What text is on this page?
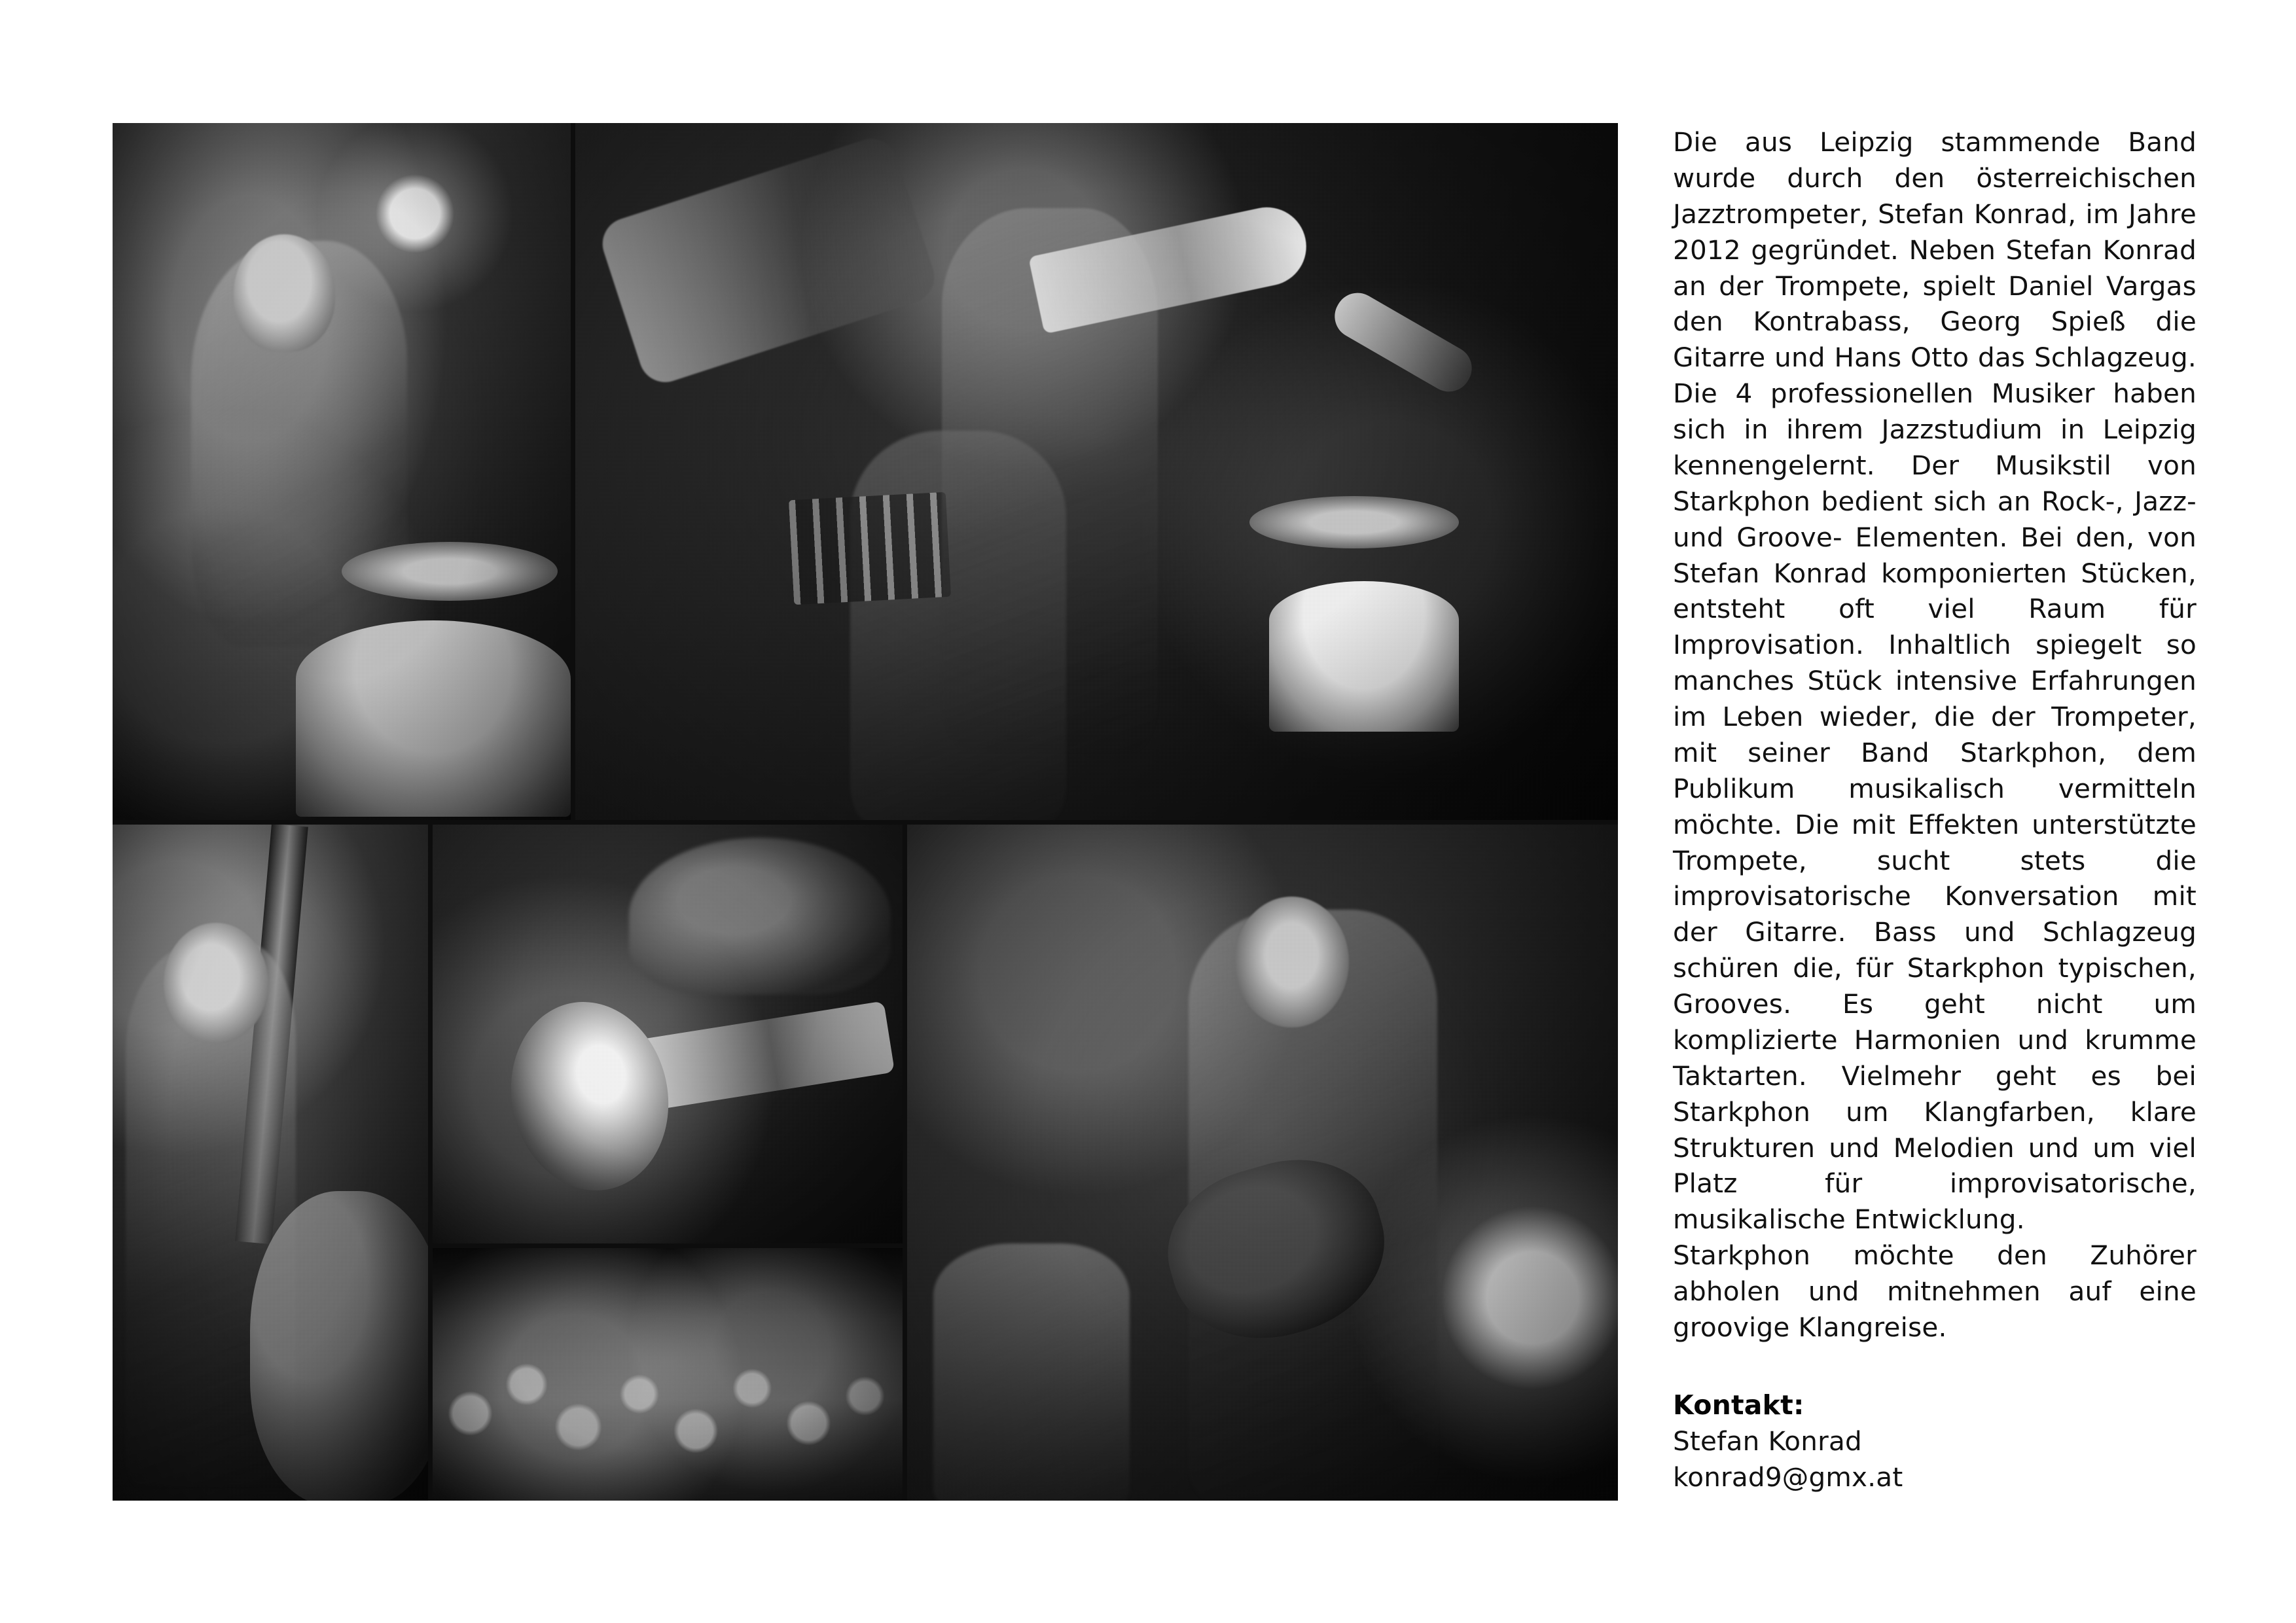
Die aus Leipzig stammende Band wurde durch den österreichischen Jazztrompeter, Stefan Konrad, im Jahre 2012 gegründet. Neben Stefan Konrad an der Trompete, spielt Daniel Vargas den Kontrabass, Georg Spieß die Gitarre und Hans Otto das Schlagzeug. Die 4 professionellen Musiker haben sich in ihrem Jazzstudium in Leipzig kennengelernt. Der Musikstil von Starkphon bedient sich an Rock-, Jazz- und Groove- Elementen. Bei den, von Stefan Konrad komponierten Stücken, entsteht oft viel Raum für Improvisation. Inhaltlich spiegelt so manches Stück intensive Erfahrungen im Leben wieder, die der Trompeter, mit seiner Band Starkphon, dem Publikum musikalisch vermitteln möchte. Die mit Effekten unterstützte Trompete, sucht stets die improvisatorische Konversation mit der Gitarre. Bass und Schlagzeug schüren die, für Starkphon typischen, Grooves. Es geht nicht um komplizierte Harmonien und krumme Taktarten. Vielmehr geht es bei Starkphon um Klangfarben, klare Strukturen und Melodien und um viel Platz für improvisatorische, musikalische Entwicklung.
Starkphon möchte den Zuhörer abholen und mitnehmen auf eine groovige Klangreise.
Kontakt:
Stefan Konrad
konrad9@gmx.at
